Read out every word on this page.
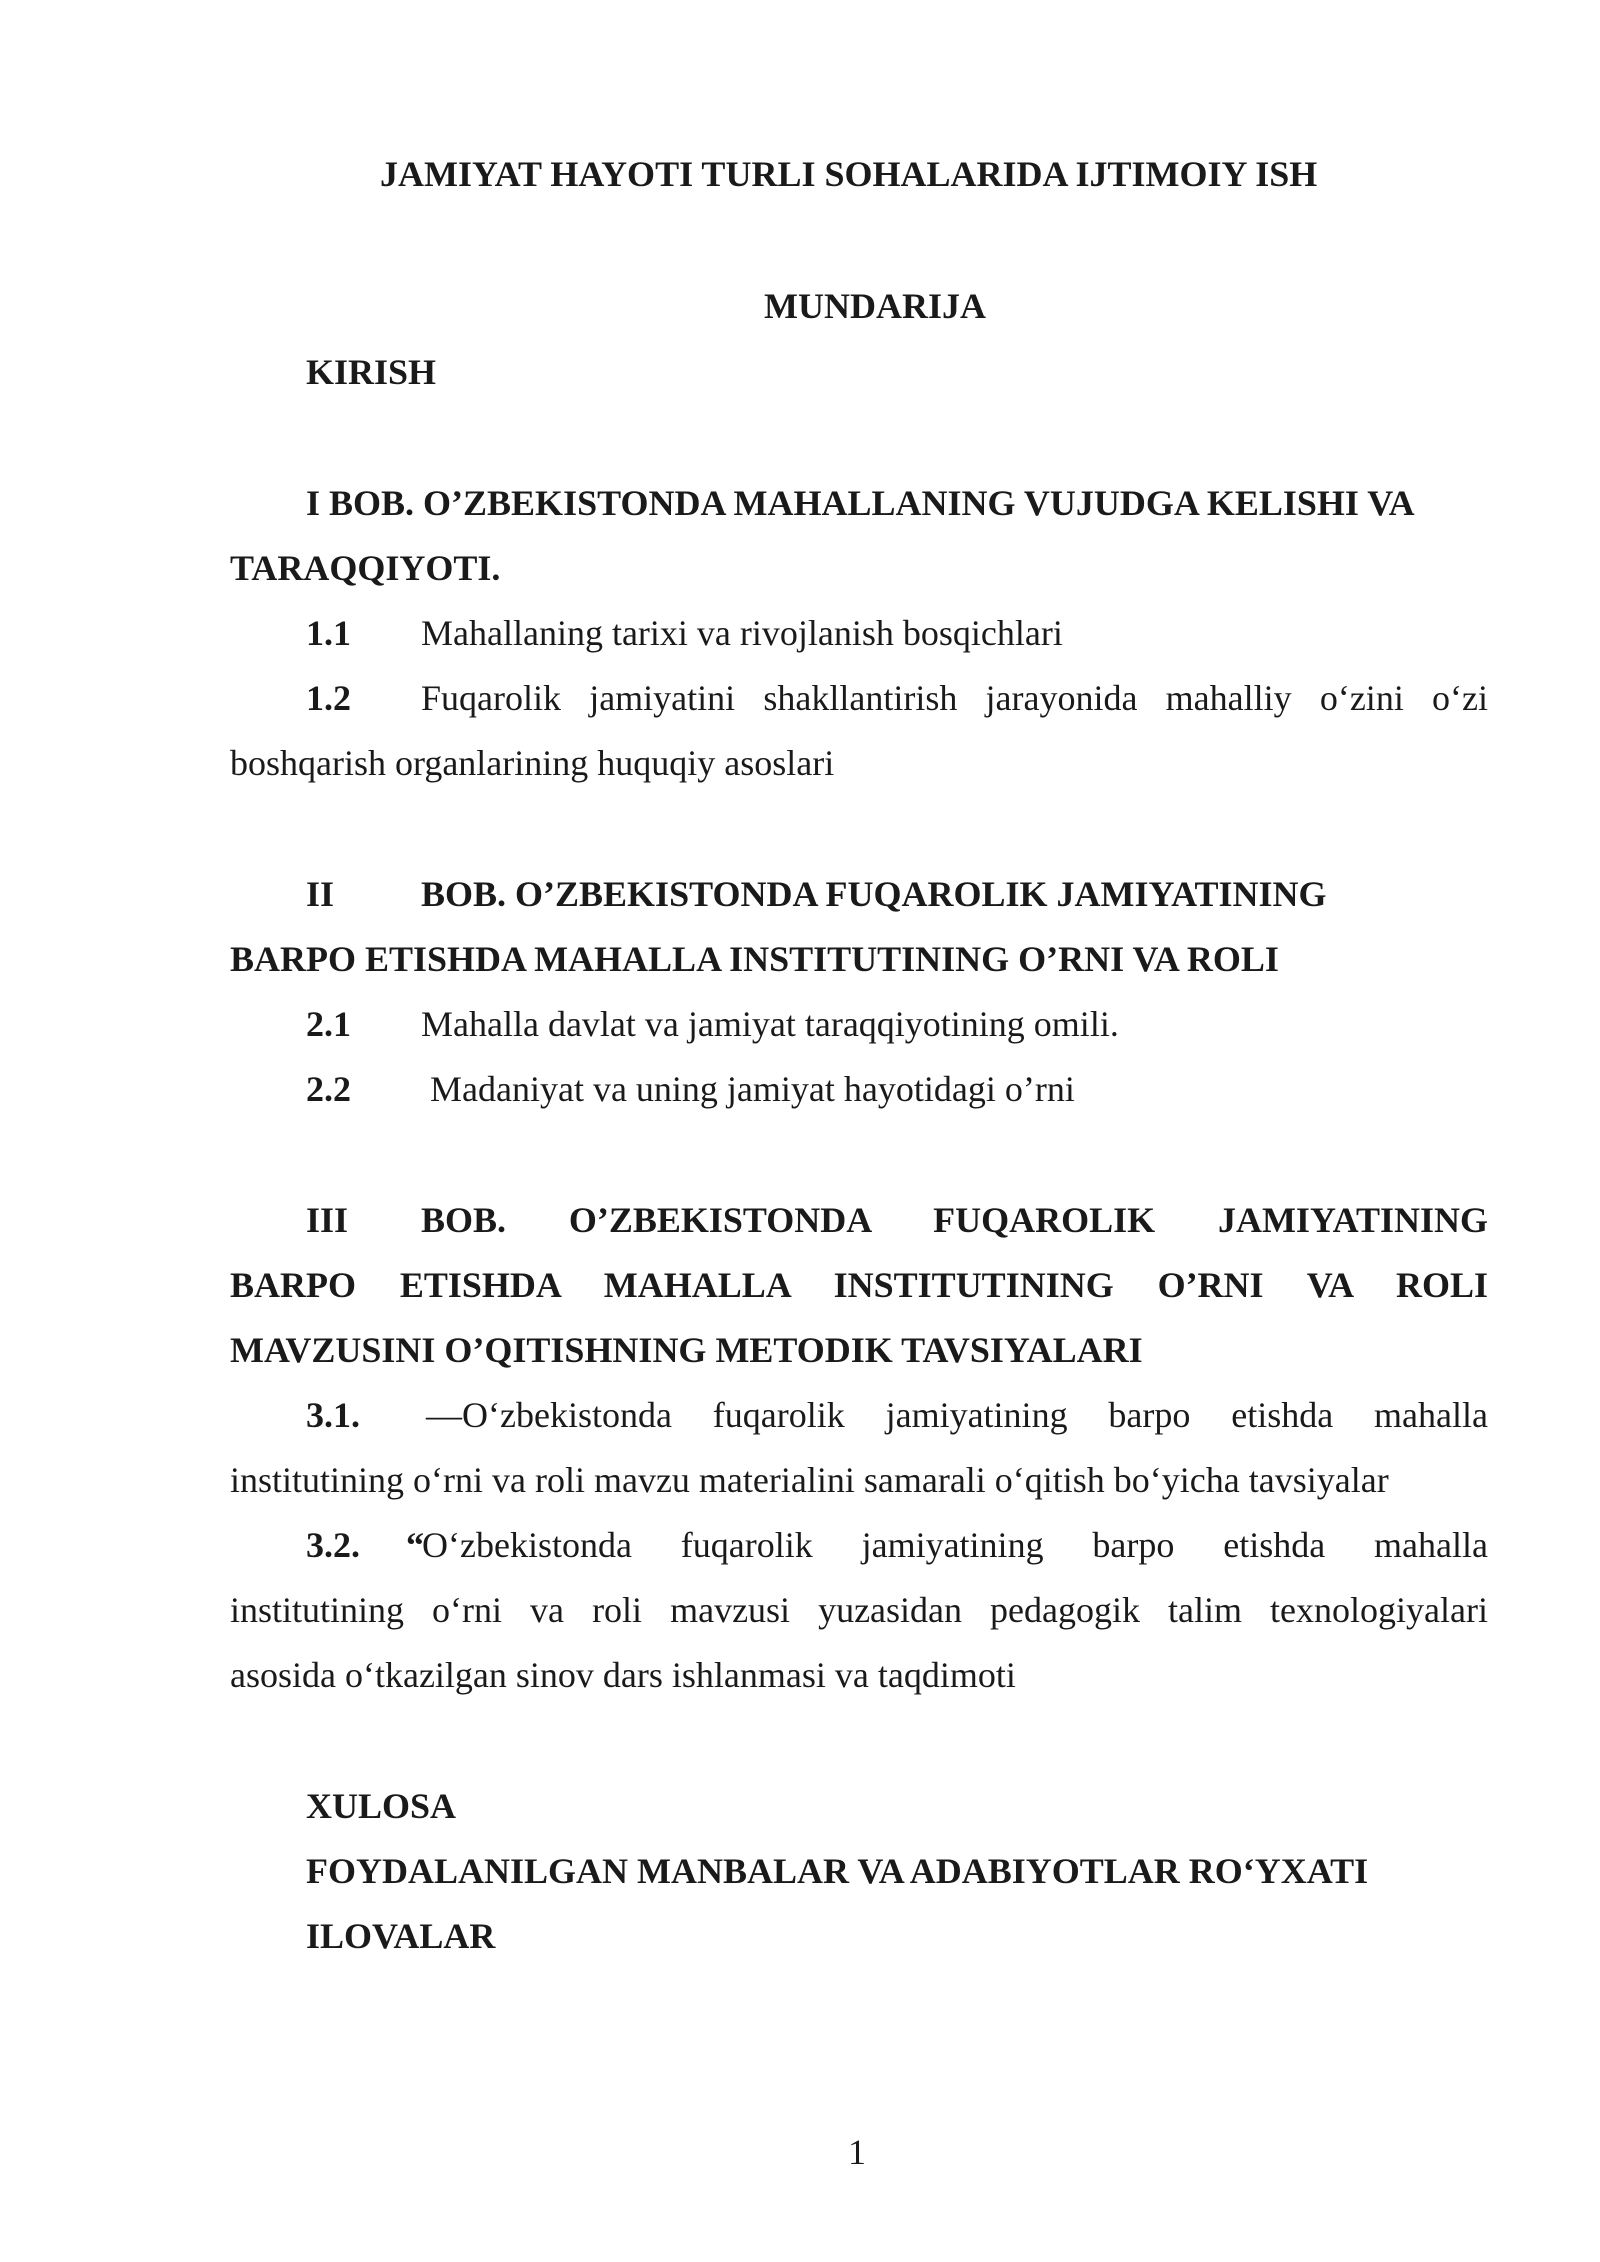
JAMIYAT HAYOTI TURLI SOHALARIDA IJTIMOIY ISH
MUNDARIJA
KIRISH
I BOB. O’ZBEKISTONDA MAHALLANING VUJUDGA KELISHI VA
TARAQQIYOTI.
1.1 Mahallaning tarixi va rivojlanish bosqichlari
1.2 Fuqarolik jamiyatini shakllantirish jarayonida mahalliy o‘zini o‘zi
boshqarish organlarining huquqiy asoslari
II BOB. O’ZBEKISTONDA FUQAROLIK JAMIYATINING
BARPO ETISHDA MAHALLA INSTITUTINING O’RNI VA ROLI
2.1 Mahalla davlat va jamiyat taraqqiyotining omili.
2.2 Madaniyat va uning jamiyat hayotidagi o’rni
III BOB. O’ZBEKISTONDA FUQAROLIK JAMIYATINING
BARPO ETISHDA MAHALLA INSTITUTINING O’RNI VA ROLI
MAVZUSINI O’QITISHNING METODIK TAVSIYALARI
3.1. —O‘zbekistonda fuqarolik jamiyatining barpo etishda mahalla
institutining o‘rni va roli mavzu materialini samarali o‘qitish bo‘yicha tavsiyalar
3.2. “
O‘zbekistonda fuqarolik jamiyatining barpo etishda mahalla
institutining o‘rni va roli mavzusi yuzasidan pedagogik talim texnologiyalari
asosida o‘tkazilgan sinov dars ishlanmasi va taqdimoti
XULOSA
FOYDALANILGAN MANBALAR VA ADABIYOTLAR RO‘YXATI
ILOVALAR
1
